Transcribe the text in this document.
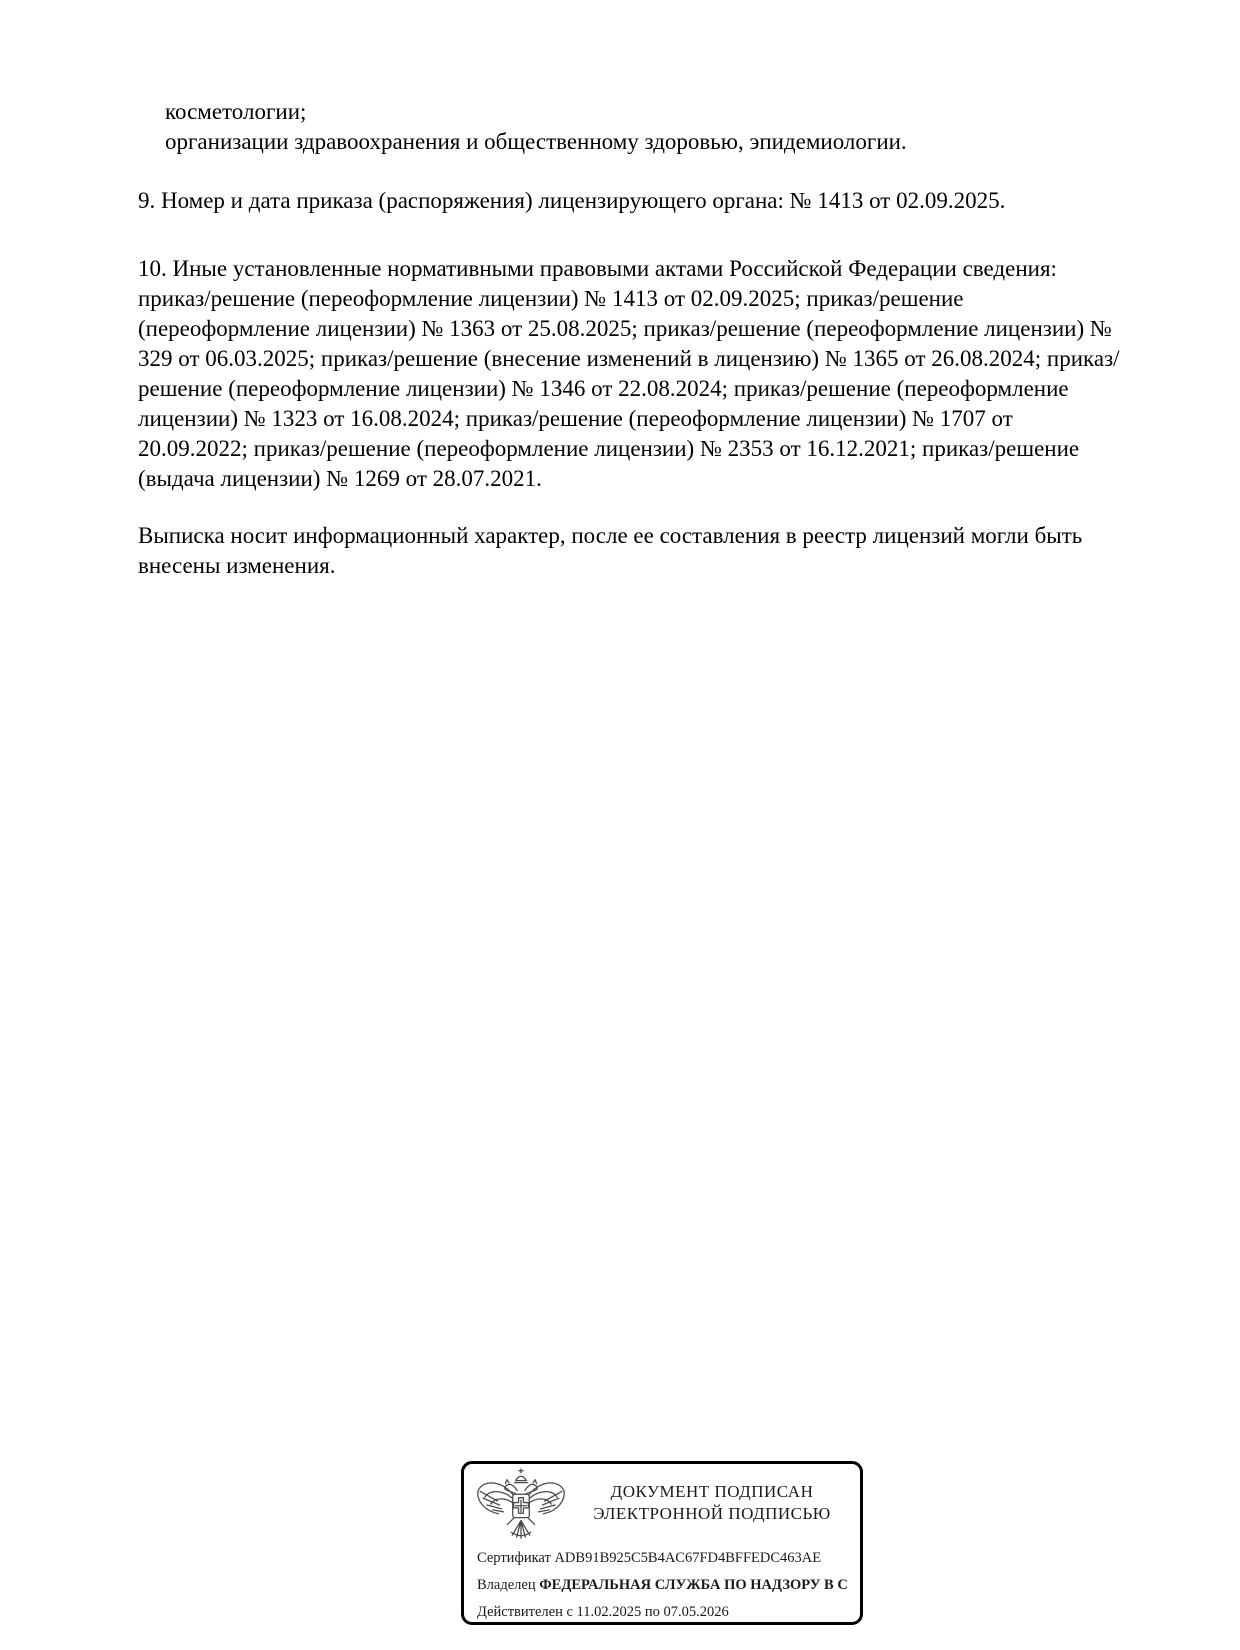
косметологии;
организации здравоохранения и общественному здоровью, эпидемиологии.

9. Номер и дата приказа (распоряжения) лицензирующего органа: № 1413 от 02.09.2025.

10. Иные установленные нормативными правовыми актами Российской Федерации сведения: приказ/решение (переоформление лицензии) № 1413 от 02.09.2025; приказ/решение (переоформление лицензии) № 1363 от 25.08.2025; приказ/решение (переоформление лицензии) № 329 от 06.03.2025; приказ/решение (внесение изменений в лицензию) № 1365 от 26.08.2024; приказ/решение (переоформление лицензии) № 1346 от 22.08.2024; приказ/решение (переоформление лицензии) № 1323 от 16.08.2024; приказ/решение (переоформление лицензии) № 1707 от 20.09.2022; приказ/решение (переоформление лицензии) № 2353 от 16.12.2021; приказ/решение (выдача лицензии) № 1269 от 28.07.2021.

Выписка носит информационный характер, после ее составления в реестр лицензий могли быть внесены изменения.

ДОКУМЕНТ ПОДПИСАН
ЭЛЕКТРОННОЙ ПОДПИСЬЮ
Сертификат ADB91B925C5B4AC67FD4BFFEDC463AE
Владелец ФЕДЕРАЛЬНАЯ СЛУЖБА ПО НАДЗОРУ В С
Действителен с 11.02.2025 по 07.05.2026
